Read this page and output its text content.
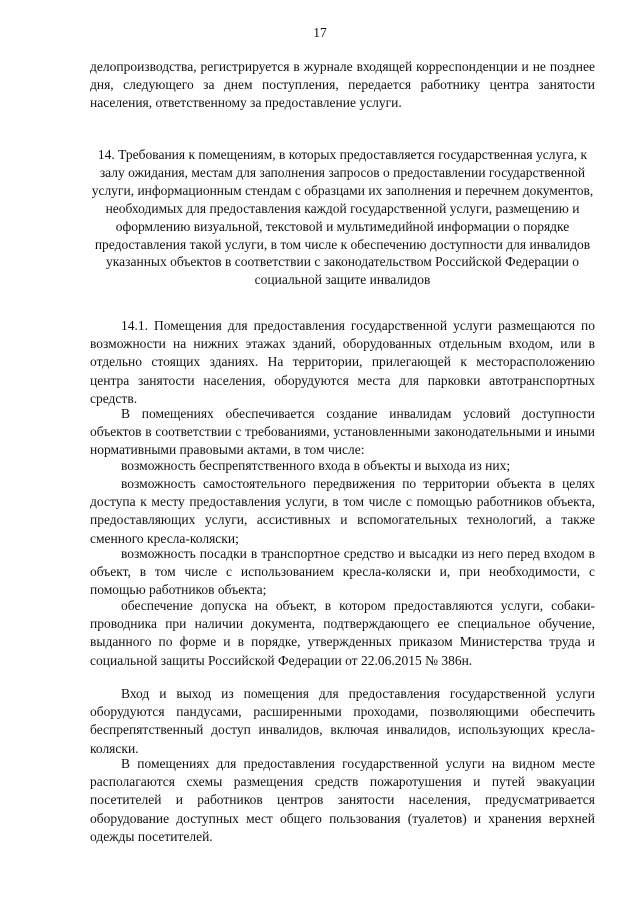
17

делопроизводства, регистрируется в журнале входящей корреспонденции и не позднее дня, следующего за днем поступления, передается работнику центра занятости населения, ответственному за предоставление услуги.

14. Требования к помещениям, в которых предоставляется государственная услуга, к залу ожидания, местам для заполнения запросов о предоставлении государственной услуги, информационным стендам с образцами их заполнения и перечнем документов, необходимых для предоставления каждой государственной услуги, размещению и оформлению визуальной, текстовой и мультимедийной информации о порядке предоставления такой услуги, в том числе к обеспечению доступности для инвалидов указанных объектов в соответствии с законодательством Российской Федерации о социальной защите инвалидов

14.1. Помещения для предоставления государственной услуги размещаются по возможности на нижних этажах зданий, оборудованных отдельным входом, или в отдельно стоящих зданиях. На территории, прилегающей к месторасположению центра занятости населения, оборудуются места для парковки автотранспортных средств.

В помещениях обеспечивается создание инвалидам условий доступности объектов в соответствии с требованиями, установленными законодательными и иными нормативными правовыми актами, в том числе:

возможность беспрепятственного входа в объекты и выхода из них;

возможность самостоятельного передвижения по территории объекта в целях доступа к месту предоставления услуги, в том числе с помощью работников объекта, предоставляющих услуги, ассистивных и вспомогательных технологий, а также сменного кресла-коляски;

возможность посадки в транспортное средство и высадки из него перед входом в объект, в том числе с использованием кресла-коляски и, при необходимости, с помощью работников объекта;

обеспечение допуска на объект, в котором предоставляются услуги, собаки-проводника при наличии документа, подтверждающего ее специальное обучение, выданного по форме и в порядке, утвержденных приказом Министерства труда и социальной защиты Российской Федерации от 22.06.2015 № 386н.

Вход и выход из помещения для предоставления государственной услуги оборудуются пандусами, расширенными проходами, позволяющими обеспечить беспрепятственный доступ инвалидов, включая инвалидов, использующих кресла-коляски.

В помещениях для предоставления государственной услуги на видном месте располагаются схемы размещения средств пожаротушения и путей эвакуации посетителей и работников центров занятости населения, предусматривается оборудование доступных мест общего пользования (туалетов) и хранения верхней одежды посетителей.
